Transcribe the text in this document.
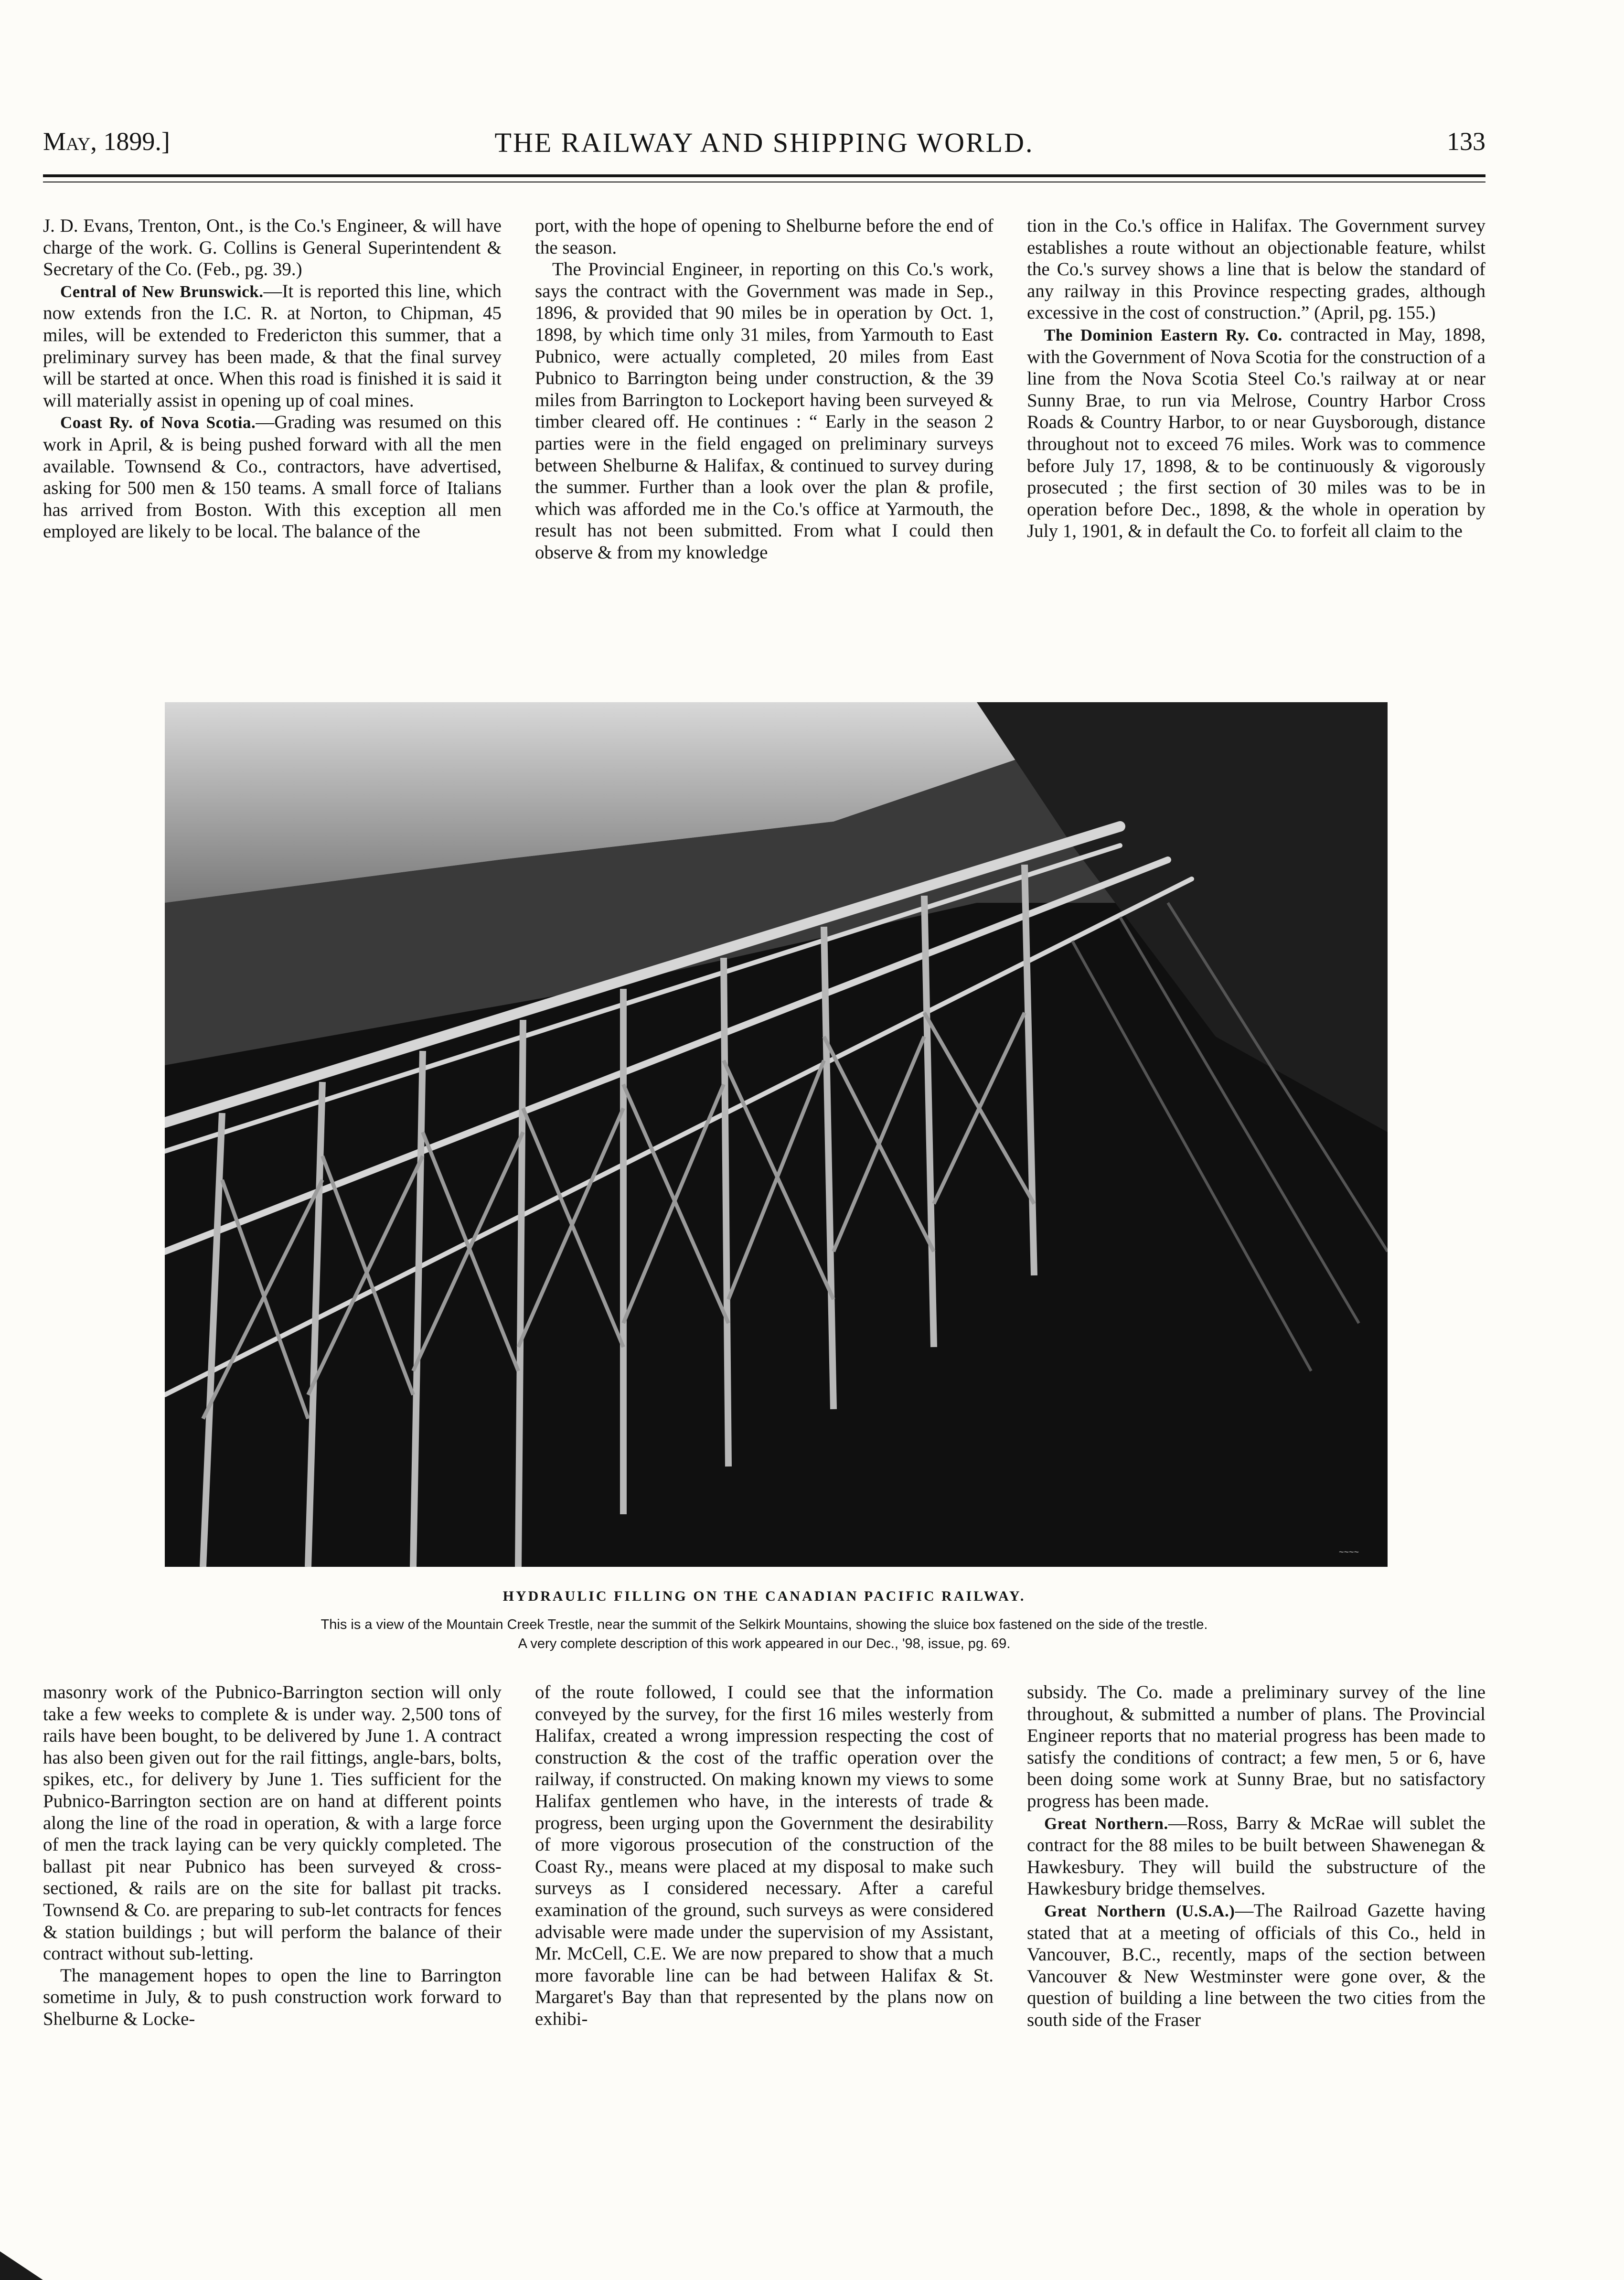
May, 1899.]	THE RAILWAY AND SHIPPING WORLD.	133

J. D. Evans, Trenton, Ont., is the Co.'s Engineer, & will have charge of the work. G. Collins is General Superintendent & Secretary of the Co. (Feb., pg. 39.)

Central of New Brunswick.—It is reported this line, which now extends fron the I.C. R. at Norton, to Chipman, 45 miles, will be extended to Fredericton this summer, that a preliminary survey has been made, & that the final survey will be started at once. When this road is finished it is said it will materially assist in opening up of coal mines.

Coast Ry. of Nova Scotia.—Grading was resumed on this work in April, & is being pushed forward with all the men available. Townsend & Co., contractors, have advertised, asking for 500 men & 150 teams. A small force of Italians has arrived from Boston. With this exception all men employed are likely to be local. The balance of the

port, with the hope of opening to Shelburne before the end of the season.

The Provincial Engineer, in reporting on this Co.'s work, says the contract with the Government was made in Sep., 1896, & provided that 90 miles be in operation by Oct. 1, 1898, by which time only 31 miles, from Yarmouth to East Pubnico, were actually completed, 20 miles from East Pubnico to Barrington being under construction, & the 39 miles from Barrington to Lockeport having been surveyed & timber cleared off. He continues : “ Early in the season 2 parties were in the field engaged on preliminary surveys between Shelburne & Halifax, & continued to survey during the summer. Further than a look over the plan & profile, which was afforded me in the Co.'s office at Yarmouth, the result has not been submitted. From what I could then observe & from my knowledge

tion in the Co.'s office in Halifax. The Government survey establishes a route without an objectionable feature, whilst the Co.'s survey shows a line that is below the standard of any railway in this Province respecting grades, although excessive in the cost of construction.” (April, pg. 155.)

The Dominion Eastern Ry. Co. contracted in May, 1898, with the Government of Nova Scotia for the construction of a line from the Nova Scotia Steel Co.'s railway at or near Sunny Brae, to run via Melrose, Country Harbor Cross Roads & Country Harbor, to or near Guysborough, distance throughout not to exceed 76 miles. Work was to commence before July 17, 1898, & to be continuously & vigorously prosecuted ; the first section of 30 miles was to be in operation before Dec., 1898, & the whole in operation by July 1, 1901, & in default the Co. to forfeit all claim to the

~~~~
HYDRAULIC FILLING ON THE CANADIAN PACIFIC RAILWAY.
This is a view of the Mountain Creek Trestle, near the summit of the Selkirk Mountains, showing the sluice box fastened on the side of the trestle.
A very complete description of this work appeared in our Dec., '98, issue, pg. 69.

masonry work of the Pubnico-Barrington section will only take a few weeks to complete & is under way. 2,500 tons of rails have been bought, to be delivered by June 1. A contract has also been given out for the rail fittings, angle-bars, bolts, spikes, etc., for delivery by June 1. Ties sufficient for the Pubnico-Barrington section are on hand at different points along the line of the road in operation, & with a large force of men the track laying can be very quickly completed. The ballast pit near Pubnico has been surveyed & cross-sectioned, & rails are on the site for ballast pit tracks. Townsend & Co. are preparing to sub-let contracts for fences & station buildings ; but will perform the balance of their contract without sub-letting.

The management hopes to open the line to Barrington sometime in July, & to push construction work forward to Shelburne & Locke-

of the route followed, I could see that the information conveyed by the survey, for the first 16 miles westerly from Halifax, created a wrong impression respecting the cost of construction & the cost of the traffic operation over the railway, if constructed. On making known my views to some Halifax gentlemen who have, in the interests of trade & progress, been urging upon the Government the desirability of more vigorous prosecution of the construction of the Coast Ry., means were placed at my disposal to make such surveys as I considered necessary. After a careful examination of the ground, such surveys as were considered advisable were made under the supervision of my Assistant, Mr. McCell, C.E. We are now prepared to show that a much more favorable line can be had between Halifax & St. Margaret's Bay than that represented by the plans now on exhibi-

subsidy. The Co. made a preliminary survey of the line throughout, & submitted a number of plans. The Provincial Engineer reports that no material progress has been made to satisfy the conditions of contract; a few men, 5 or 6, have been doing some work at Sunny Brae, but no satisfactory progress has been made.

Great Northern.—Ross, Barry & McRae will sublet the contract for the 88 miles to be built between Shawenegan & Hawkesbury. They will build the substructure of the Hawkesbury bridge themselves.

Great Northern (U.S.A.)—The Railroad Gazette having stated that at a meeting of officials of this Co., held in Vancouver, B.C., recently, maps of the section between Vancouver & New Westminster were gone over, & the question of building a line between the two cities from the south side of the Fraser
